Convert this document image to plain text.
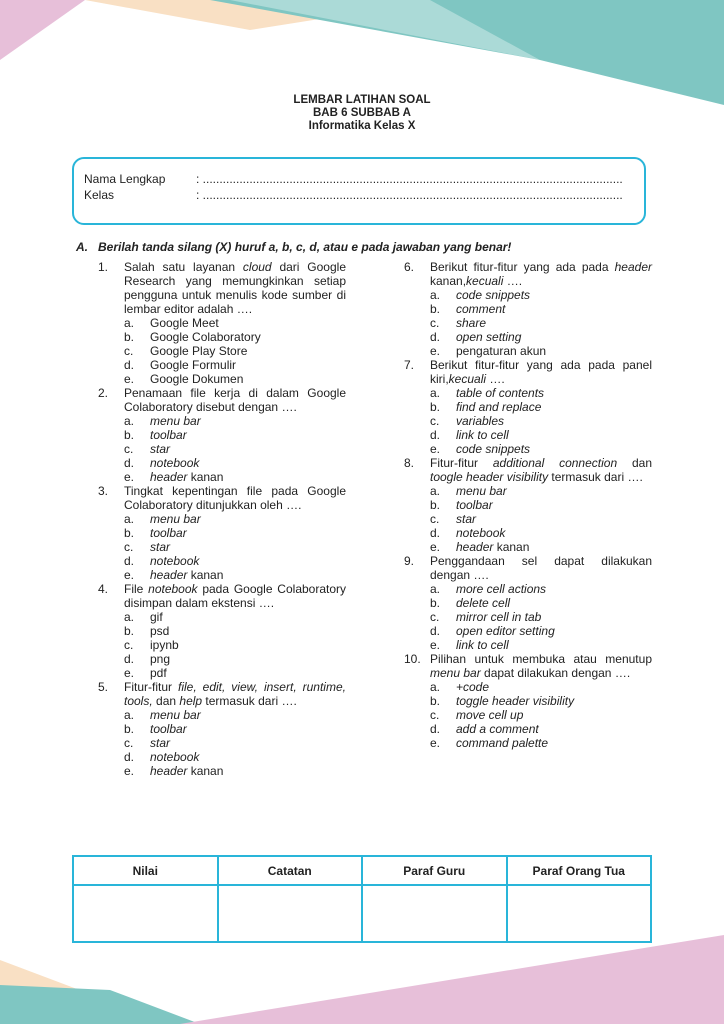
LEMBAR LATIHAN SOAL
BAB 6 SUBBAB A
Informatika Kelas X
Nama Lengkap	: ..............................................................................................................................
Kelas	: ..............................................................................................................................
A. Berilah tanda silang (X) huruf a, b, c, d, atau e pada jawaban yang benar!
1. Salah satu layanan cloud dari Google Research yang memungkinkan setiap pengguna untuk menulis kode sumber di lembar editor adalah ….
a. Google Meet
b. Google Colaboratory
c. Google Play Store
d. Google Formulir
e. Google Dokumen
2. Penamaan file kerja di dalam Google Colaboratory disebut dengan ….
a. menu bar
b. toolbar
c. star
d. notebook
e. header kanan
3. Tingkat kepentingan file pada Google Colaboratory ditunjukkan oleh ….
a. menu bar
b. toolbar
c. star
d. notebook
e. header kanan
4. File notebook pada Google Colaboratory disimpan dalam ekstensi ….
a. gif
b. psd
c. ipynb
d. png
e. pdf
5. Fitur-fitur file, edit, view, insert, runtime, tools, dan help termasuk dari ….
a. menu bar
b. toolbar
c. star
d. notebook
e. header kanan
6. Berikut fitur-fitur yang ada pada header kanan,kecuali ….
a. code snippets
b. comment
c. share
d. open setting
e. pengaturan akun
7. Berikut fitur-fitur yang ada pada panel kiri,kecuali ….
a. table of contents
b. find and replace
c. variables
d. link to cell
e. code snippets
8. Fitur-fitur additional connection dan toogle header visibility termasuk dari ….
a. menu bar
b. toolbar
c. star
d. notebook
e. header kanan
9. Penggandaan sel dapat dilakukan dengan ….
a. more cell actions
b. delete cell
c. mirror cell in tab
d. open editor setting
e. link to cell
10. Pilihan untuk membuka atau menutup menu bar dapat dilakukan dengan ….
a. +code
b. toggle header visibility
c. move cell up
d. add a comment
e. command palette
Nilai	Catatan	Paraf Guru	Paraf Orang Tua
